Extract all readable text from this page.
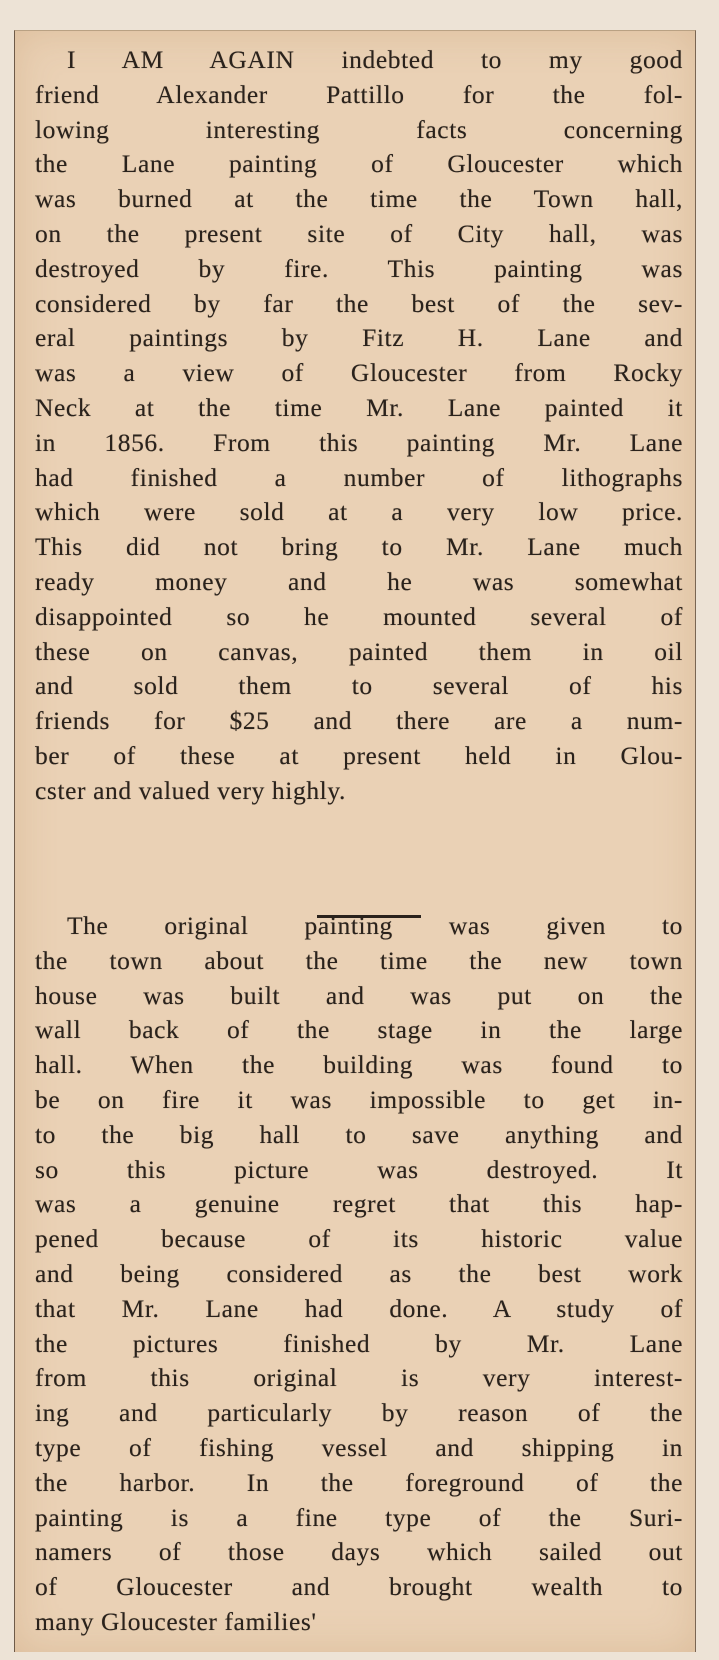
I AM AGAIN indebted to my good
friend Alexander Pattillo for the fol-
lowing interesting facts concerning
the Lane painting of Gloucester which
was burned at the time the Town hall,
on the present site of City hall, was
destroyed by fire. This painting was
considered by far the best of the sev-
eral paintings by Fitz H. Lane and
was a view of Gloucester from Rocky
Neck at the time Mr. Lane painted it
in 1856. From this painting Mr. Lane
had finished a number of lithographs
which were sold at a very low price.
This did not bring to Mr. Lane much
ready money and he was somewhat
disappointed so he mounted several of
these on canvas, painted them in oil
and sold them to several of his
friends for $25 and there are a num-
ber of these at present held in Glou-
cster and valued very highly.
The original painting was given to
the town about the time the new town
house was built and was put on the
wall back of the stage in the large
hall. When the building was found to
be on fire it was impossible to get in-
to the big hall to save anything and
so this picture was destroyed. It
was a genuine regret that this hap-
pened because of its historic value
and being considered as the best work
that Mr. Lane had done. A study of
the pictures finished by Mr. Lane
from this original is very interest-
ing and particularly by reason of the
type of fishing vessel and shipping in
the harbor. In the foreground of the
painting is a fine type of the Suri-
namers of those days which sailed out
of Gloucester and brought wealth to
many Gloucester families'
